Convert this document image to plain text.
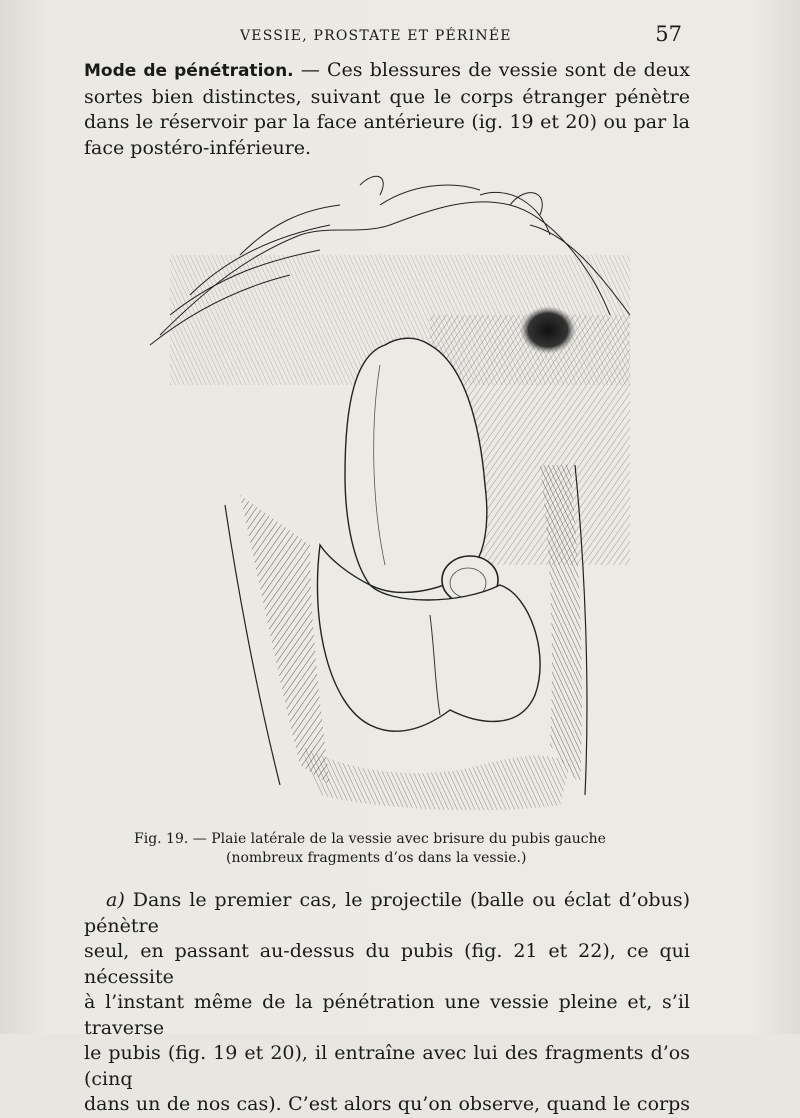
VESSIE, PROSTATE ET PÉRINÉE	57

Mode de pénétration. — Ces blessures de vessie sont de deux sortes bien distinctes, suivant que le corps étranger pénètre dans le réservoir par la face antérieure (ig. 19 et 20) ou par la face postéro-inférieure.

Fig. 19. — Plaie latérale de la vessie avec brisure du pubis gauche
(nombreux fragments d’os dans la vessie.)
a) Dans le premier cas, le projectile (balle ou éclat d’obus) pénètre
seul, en passant au-dessus du pubis (fig. 21 et 22), ce qui nécessite
à l’instant même de la pénétration une vessie pleine et, s’il traverse
le pubis (fig. 19 et 20), il entraîne avec lui des fragments d’os (cinq
dans un de nos cas). C’est alors qu’on observe, quand le corps
